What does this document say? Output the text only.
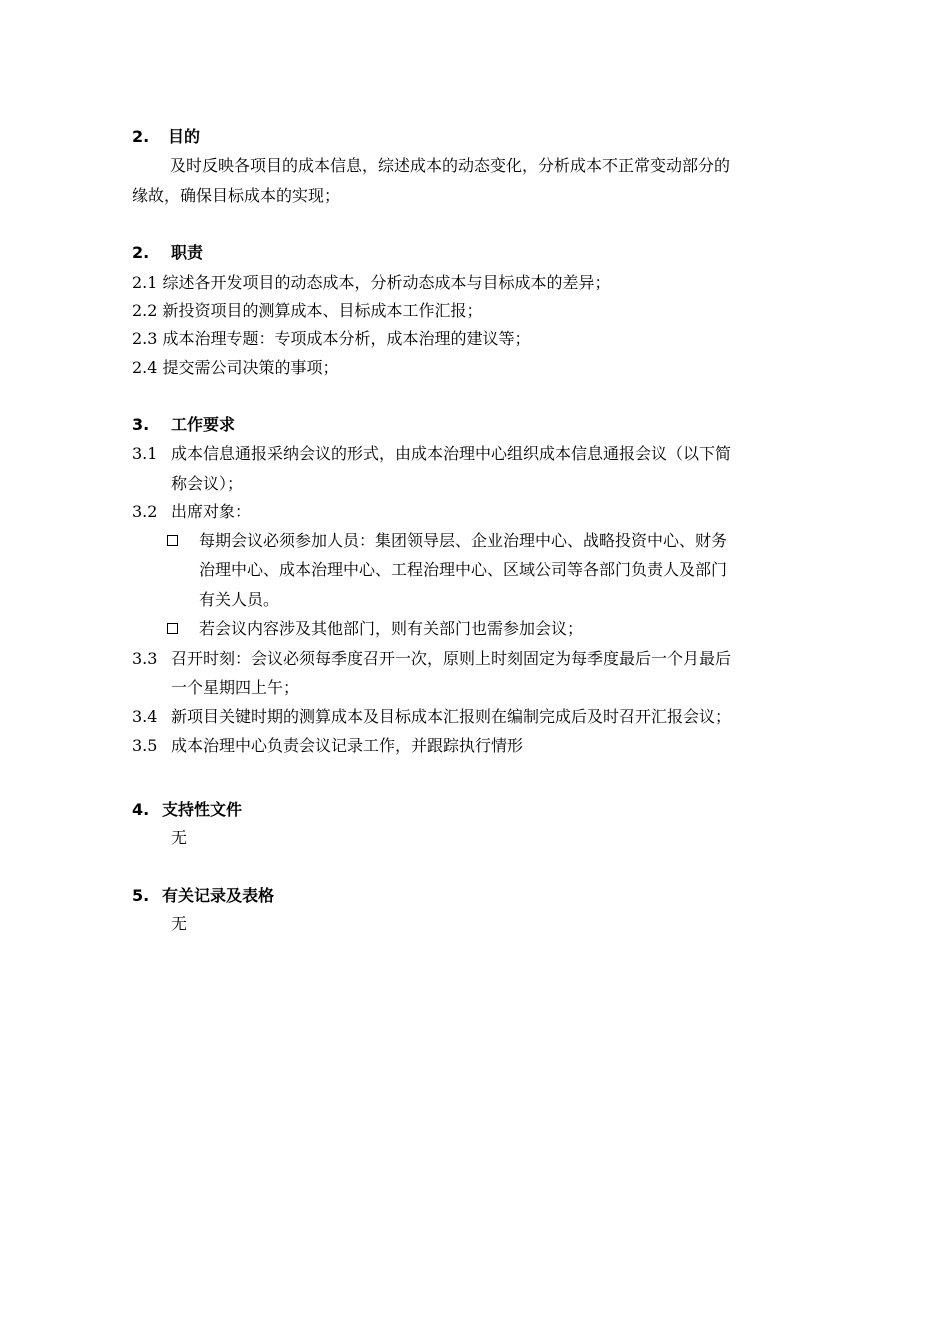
2. 目的
及时反映各项目的成本信息，综述成本的动态变化，分析成本不正常变动部分的
缘故，确保目标成本的实现；
2. 职责
2.1 综述各开发项目的动态成本，分析动态成本与目标成本的差异；
2.2 新投资项目的测算成本、目标成本工作汇报；
2.3 成本治理专题：专项成本分析，成本治理的建议等；
2.4 提交需公司决策的事项；
3. 工作要求
3.1 成本信息通报采纳会议的形式，由成本治理中心组织成本信息通报会议（以下简
称会议）；
3.2 出席对象：
每期会议必须参加人员：集团领导层、企业治理中心、战略投资中心、财务
治理中心、成本治理中心、工程治理中心、区域公司等各部门负责人及部门
有关人员。
若会议内容涉及其他部门，则有关部门也需参加会议；
3.3 召开时刻：会议必须每季度召开一次，原则上时刻固定为每季度最后一个月最后
一个星期四上午；
3.4 新项目关键时期的测算成本及目标成本汇报则在编制完成后及时召开汇报会议；
3.5 成本治理中心负责会议记录工作，并跟踪执行情形
4. 支持性文件
无
5. 有关记录及表格
无
